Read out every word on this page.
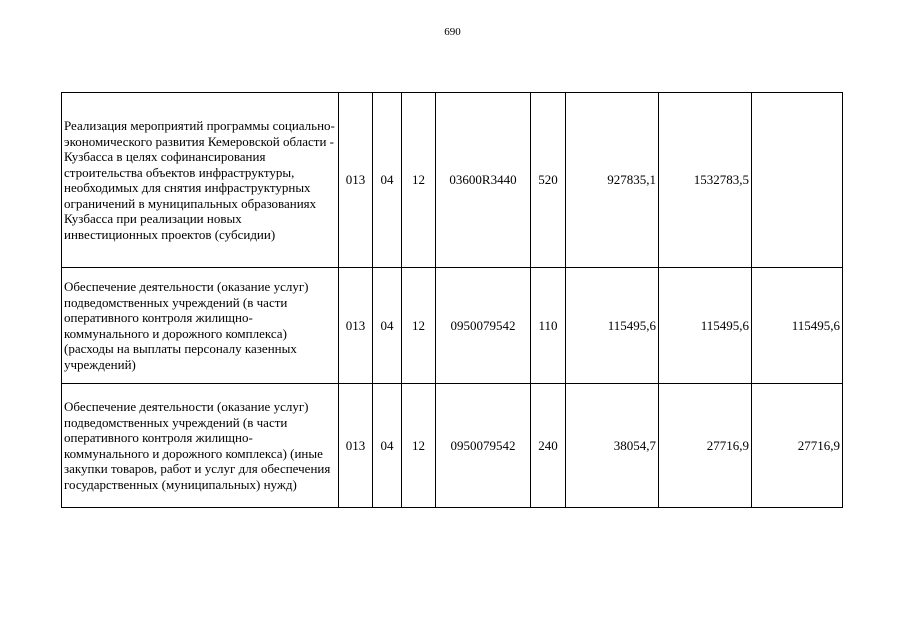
690
Реализация мероприятий программы социально-экономического развития Кемеровской области - Кузбасса в целях софинансирования строительства объектов инфраструктуры, необходимых для снятия инфраструктурных ограничений в муниципальных образованиях Кузбасса при реализации новых инвестиционных проектов (субсидии)	013	04	12	03600R3440	520	927835,1	1532783,5	
Обеспечение деятельности (оказание услуг) подведомственных учреждений (в части оперативного контроля жилищно-коммунального и дорожного комплекса) (расходы на выплаты персоналу казенных учреждений)	013	04	12	0950079542	110	115495,6	115495,6	115495,6
Обеспечение деятельности (оказание услуг) подведомственных учреждений (в части оперативного контроля жилищно-коммунального и дорожного комплекса) (иные закупки товаров, работ и услуг для обеспечения государственных (муниципальных) нужд)	013	04	12	0950079542	240	38054,7	27716,9	27716,9
